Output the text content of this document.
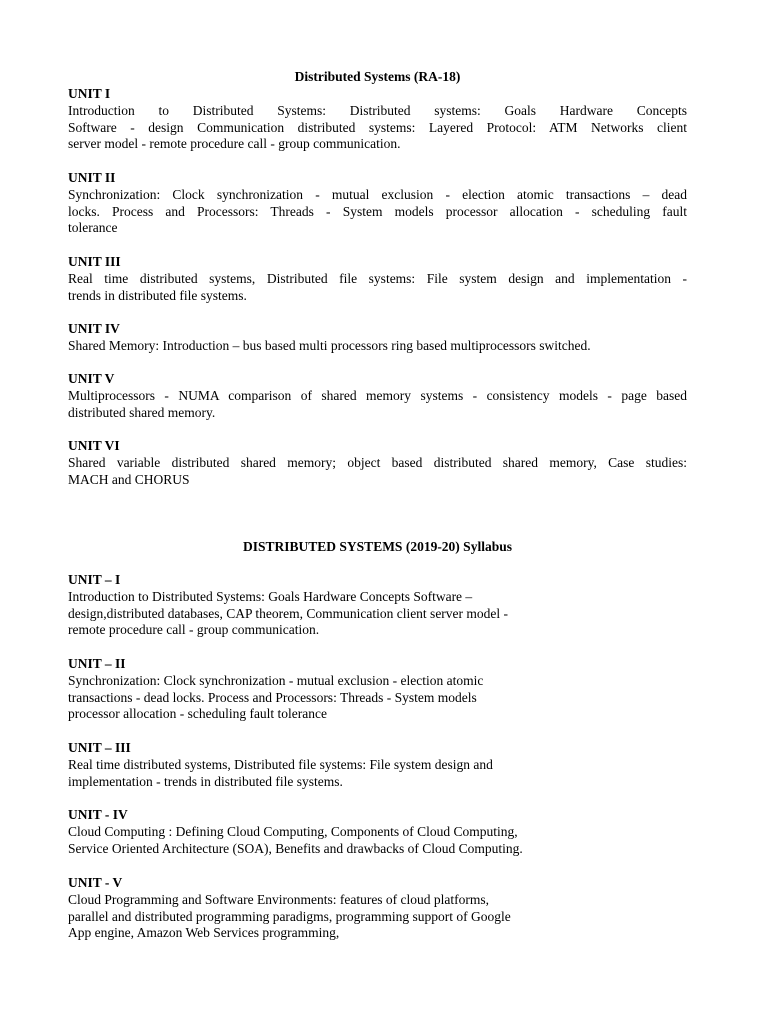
Distributed Systems (RA-18)
UNIT I
Introduction to Distributed Systems: Distributed systems: Goals Hardware Concepts
Software - design Communication distributed systems: Layered Protocol: ATM Networks client
server model - remote procedure call - group communication.
UNIT II
Synchronization: Clock synchronization - mutual exclusion - election atomic transactions – dead
locks. Process and Processors: Threads - System models processor allocation - scheduling fault
tolerance
UNIT III
Real time distributed systems, Distributed file systems: File system design and implementation -
trends in distributed file systems.
UNIT IV
Shared Memory: Introduction – bus based multi processors ring based multiprocessors switched.
UNIT V
Multiprocessors - NUMA comparison of shared memory systems - consistency models - page based
distributed shared memory.
UNIT VI
Shared variable distributed shared memory; object based distributed shared memory, Case studies:
MACH and CHORUS
DISTRIBUTED SYSTEMS (2019-20) Syllabus
UNIT – I
Introduction to Distributed Systems: Goals Hardware Concepts Software –
design,distributed databases, CAP theorem, Communication client server model -
remote procedure call - group communication.
UNIT – II
Synchronization: Clock synchronization - mutual exclusion - election atomic
transactions - dead locks. Process and Processors: Threads - System models
processor allocation - scheduling fault tolerance
UNIT – III
Real time distributed systems, Distributed file systems: File system design and
implementation - trends in distributed file systems.
UNIT - IV
Cloud Computing : Defining Cloud Computing, Components of Cloud Computing,
Service Oriented Architecture (SOA), Benefits and drawbacks of Cloud Computing.
UNIT - V
Cloud Programming and Software Environments: features of cloud platforms,
parallel and distributed programming paradigms, programming support of Google
App engine, Amazon Web Services programming,
